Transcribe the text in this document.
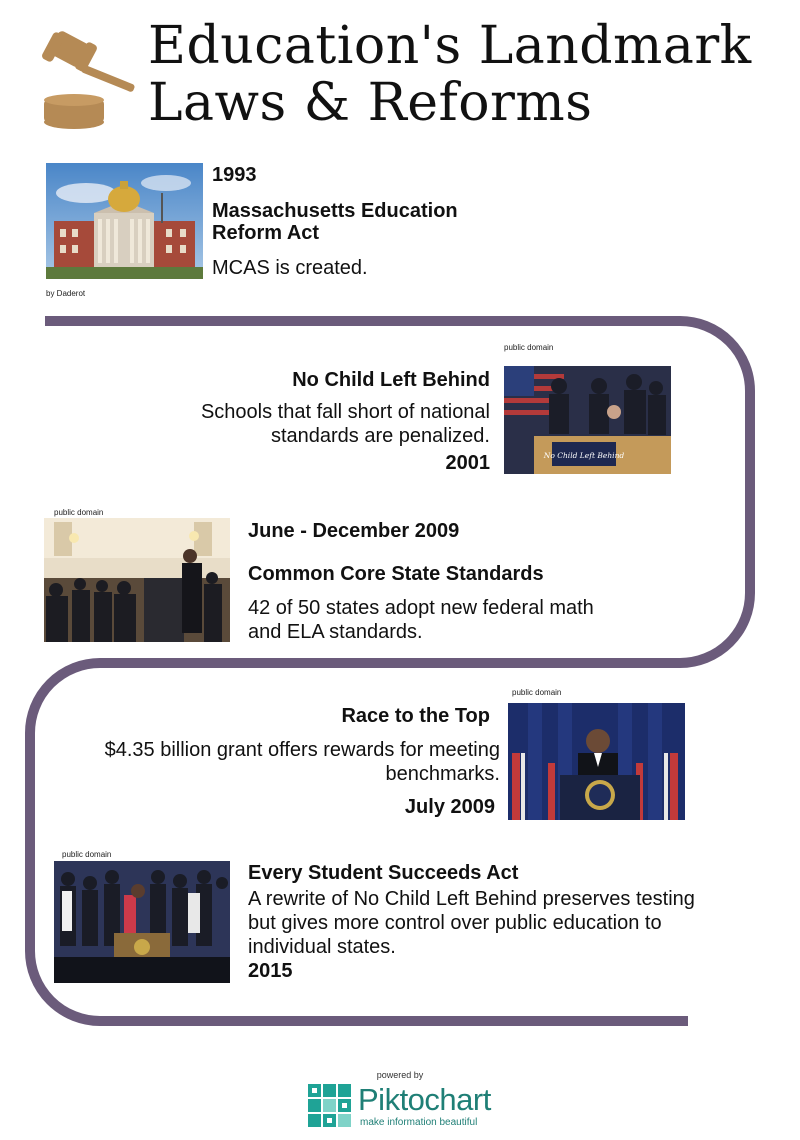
Education's Landmark
Laws & Reforms
by Daderot
1993
Massachusetts Education Reform Act
MCAS is created.
public domain
No Child Left Behind
No Child Left Behind
Schools that fall short of national standards are penalized.
2001
public domain
June - December 2009
Common Core State Standards
42 of 50 states adopt new federal math and ELA standards.
public domain
Race to the Top
$4.35 billion grant offers rewards for meeting benchmarks.
July 2009
public domain
Every Student Succeeds Act
A rewrite of No Child Left Behind preserves testing but gives more control over public education to individual states.
2015
powered by
Piktochart
make information beautiful
